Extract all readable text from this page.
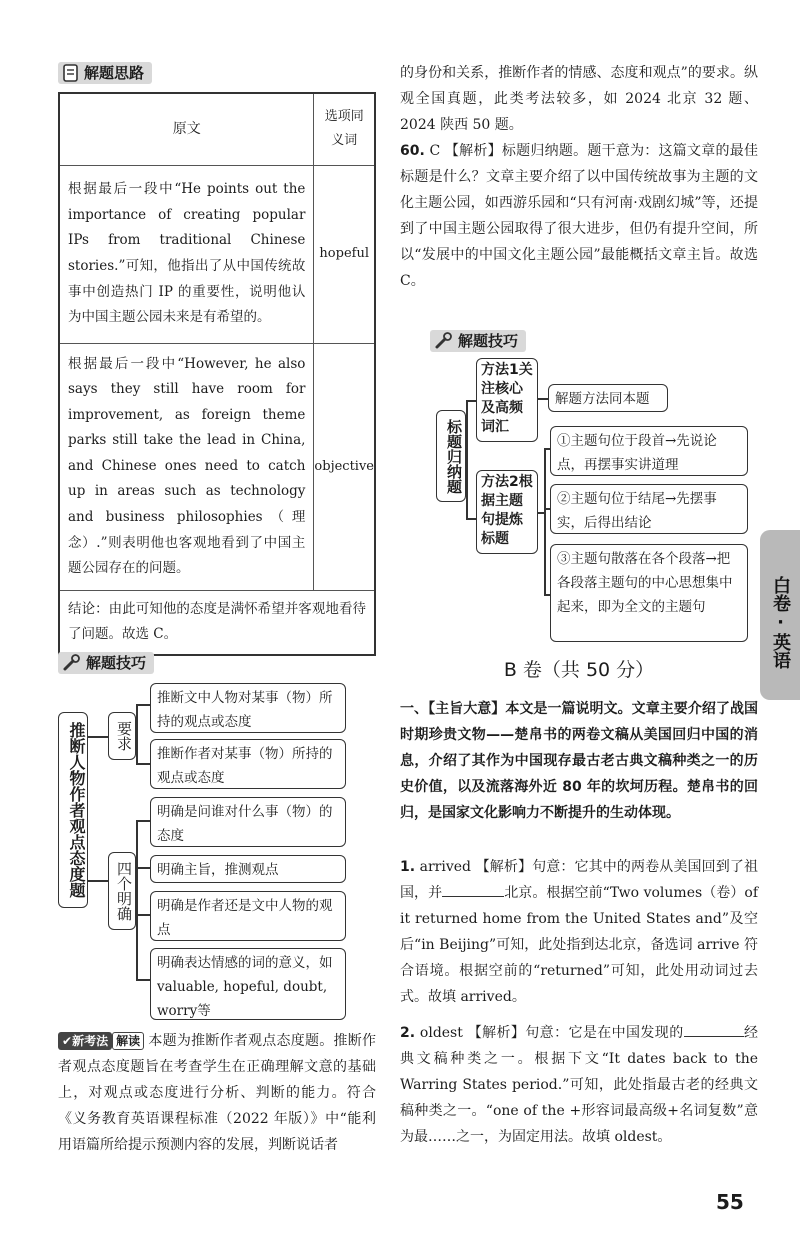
解题思路
原文	选项同义词
根据最后一段中“He points out the importance of creating popular IPs from traditional Chinese stories.”可知，他指出了从中国传统故事中创造热门 IP 的重要性，说明他认为中国主题公园未来是有希望的。	hopeful
根据最后一段中“However, he also says they still have room for improvement, as foreign theme parks still take the lead in China, and Chinese ones need to catch up in areas such as technology and business philosophies（理念）.”则表明他也客观地看到了中国主题公园存在的问题。	objective
结论：由此可知他的态度是满怀希望并客观地看待了问题。故选 C。	
解题技巧
推断人物作者观点态度题	要求
推断文中人物对某事（物）所持的观点或态度
推断作者对某事（物）所持的观点或态度
四个明确
明确是问谁对什么事（物）的态度
明确主旨，推测观点
明确是作者还是文中人物的观点
明确表达情感的词的意义，如valuable, hopeful, doubt, worry等
✔新考法 解读 本题为推断作者观点态度题。推断作者观点态度题旨在考查学生在正确理解文意的基础上，对观点或态度进行分析、判断的能力。符合《义务教育英语课程标准（2022 年版）》中“能利用语篇所给提示预测内容的发展，判断说话者
的身份和关系，推断作者的情感、态度和观点”的要求。纵观全国真题，此类考法较多，如 2024 北京 32 题、2024 陕西 50 题。
60. C 【解析】标题归纳题。题干意为：这篇文章的最佳标题是什么？文章主要介绍了以中国传统故事为主题的文化主题公园，如西游乐园和“只有河南·戏剧幻城”等，还提到了中国主题公园取得了很大进步，但仍有提升空间，所以“发展中的中国文化主题公园”最能概括文章主旨。故选 C。
解题技巧
标题归纳题
方法1关注核心及高频词汇
解题方法同本题
方法2根据主题句提炼标题
①主题句位于段首→先说论点，再摆事实讲道理
②主题句位于结尾→先摆事实，后得出结论
③主题句散落在各个段落→把各段落主题句的中心思想集中起来，即为全文的主题句
B 卷（共 50 分）
一、【主旨大意】本文是一篇说明文。文章主要介绍了战国时期珍贵文物——楚帛书的两卷文稿从美国回归中国的消息，介绍了其作为中国现存最古老古典文稿种类之一的历史价值，以及流落海外近 80 年的坎坷历程。楚帛书的回归，是国家文化影响力不断提升的生动体现。
1. arrived 【解析】句意：它其中的两卷从美国回到了祖国，并	北京。根据空前“Two volumes（卷）of it returned home from the United States and”及空后“in Beijing”可知，此处指到达北京，备选词 arrive 符合语境。根据空前的“returned”可知，此处用动词过去式。故填 arrived。
2. oldest 【解析】句意：它是在中国发现的	经典文稿种类之一。根据下文“It dates back to the Warring States period.”可知，此处指最古老的经典文稿种类之一。“one of the +形容词最高级+名词复数”意为最……之一，为固定用法。故填 oldest。
白卷·英语
55
